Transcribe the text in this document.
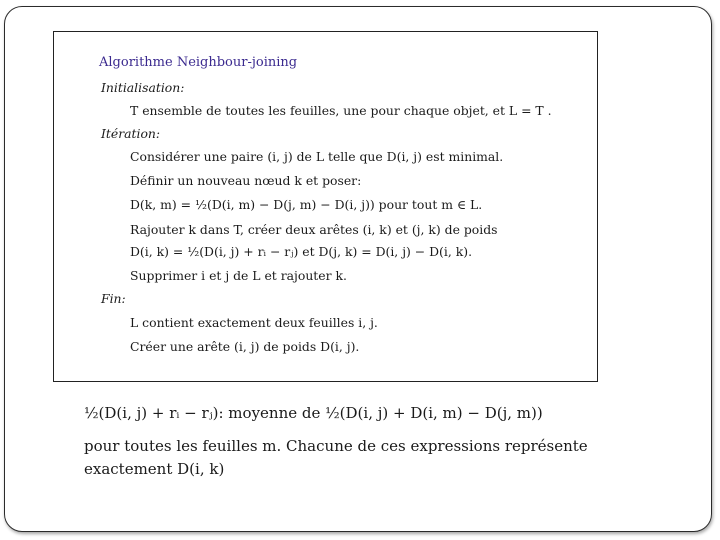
Algorithme Neighbour-joining
Initialisation:
T ensemble de toutes les feuilles, une pour chaque objet, et L = T .
Itération:
Considérer une paire (i, j) de L telle que D(i, j) est minimal.
Définir un nouveau nœud k et poser:
D(k, m) = ½(D(i, m) − D(j, m) − D(i, j)) pour tout m ∈ L.
Rajouter k dans T, créer deux arêtes (i, k) et (j, k) de poids
D(i, k) = ½(D(i, j) + rᵢ − rⱼ) et D(j, k) = D(i, j) − D(i, k).
Supprimer i et j de L et rajouter k.
Fin:
L contient exactement deux feuilles i, j.
Créer une arête (i, j) de poids D(i, j).
½(D(i, j) + rᵢ − rⱼ): moyenne de ½(D(i, j) + D(i, m) − D(j, m))
pour toutes les feuilles m. Chacune de ces expressions représente
exactement D(i, k)
